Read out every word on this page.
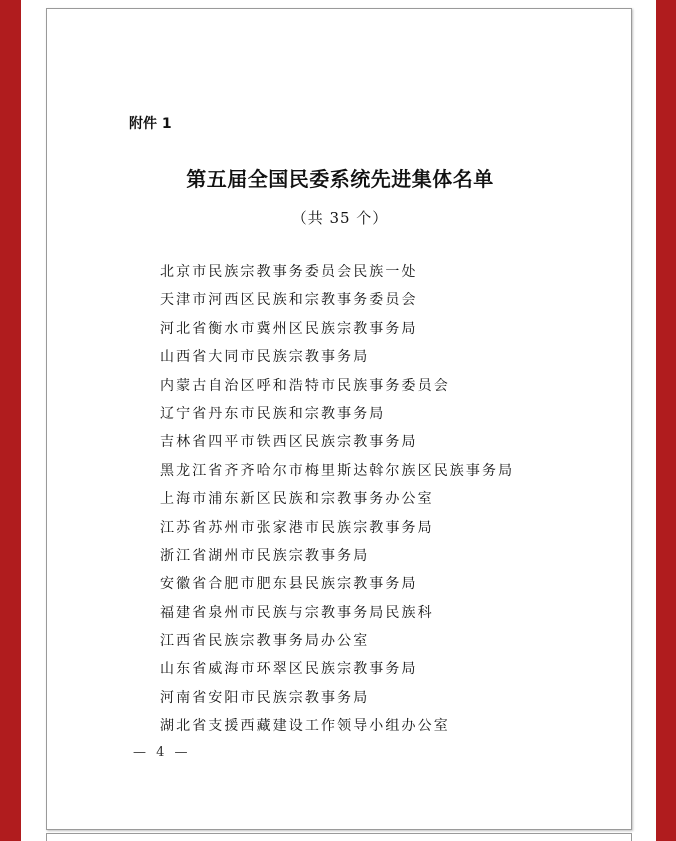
附件 1
第五届全国民委系统先进集体名单
（共 35 个）
北京市民族宗教事务委员会民族一处
天津市河西区民族和宗教事务委员会
河北省衡水市冀州区民族宗教事务局
山西省大同市民族宗教事务局
内蒙古自治区呼和浩特市民族事务委员会
辽宁省丹东市民族和宗教事务局
吉林省四平市铁西区民族宗教事务局
黑龙江省齐齐哈尔市梅里斯达斡尔族区民族事务局
上海市浦东新区民族和宗教事务办公室
江苏省苏州市张家港市民族宗教事务局
浙江省湖州市民族宗教事务局
安徽省合肥市肥东县民族宗教事务局
福建省泉州市民族与宗教事务局民族科
江西省民族宗教事务局办公室
山东省威海市环翠区民族宗教事务局
河南省安阳市民族宗教事务局
湖北省支援西藏建设工作领导小组办公室
— 4 —
